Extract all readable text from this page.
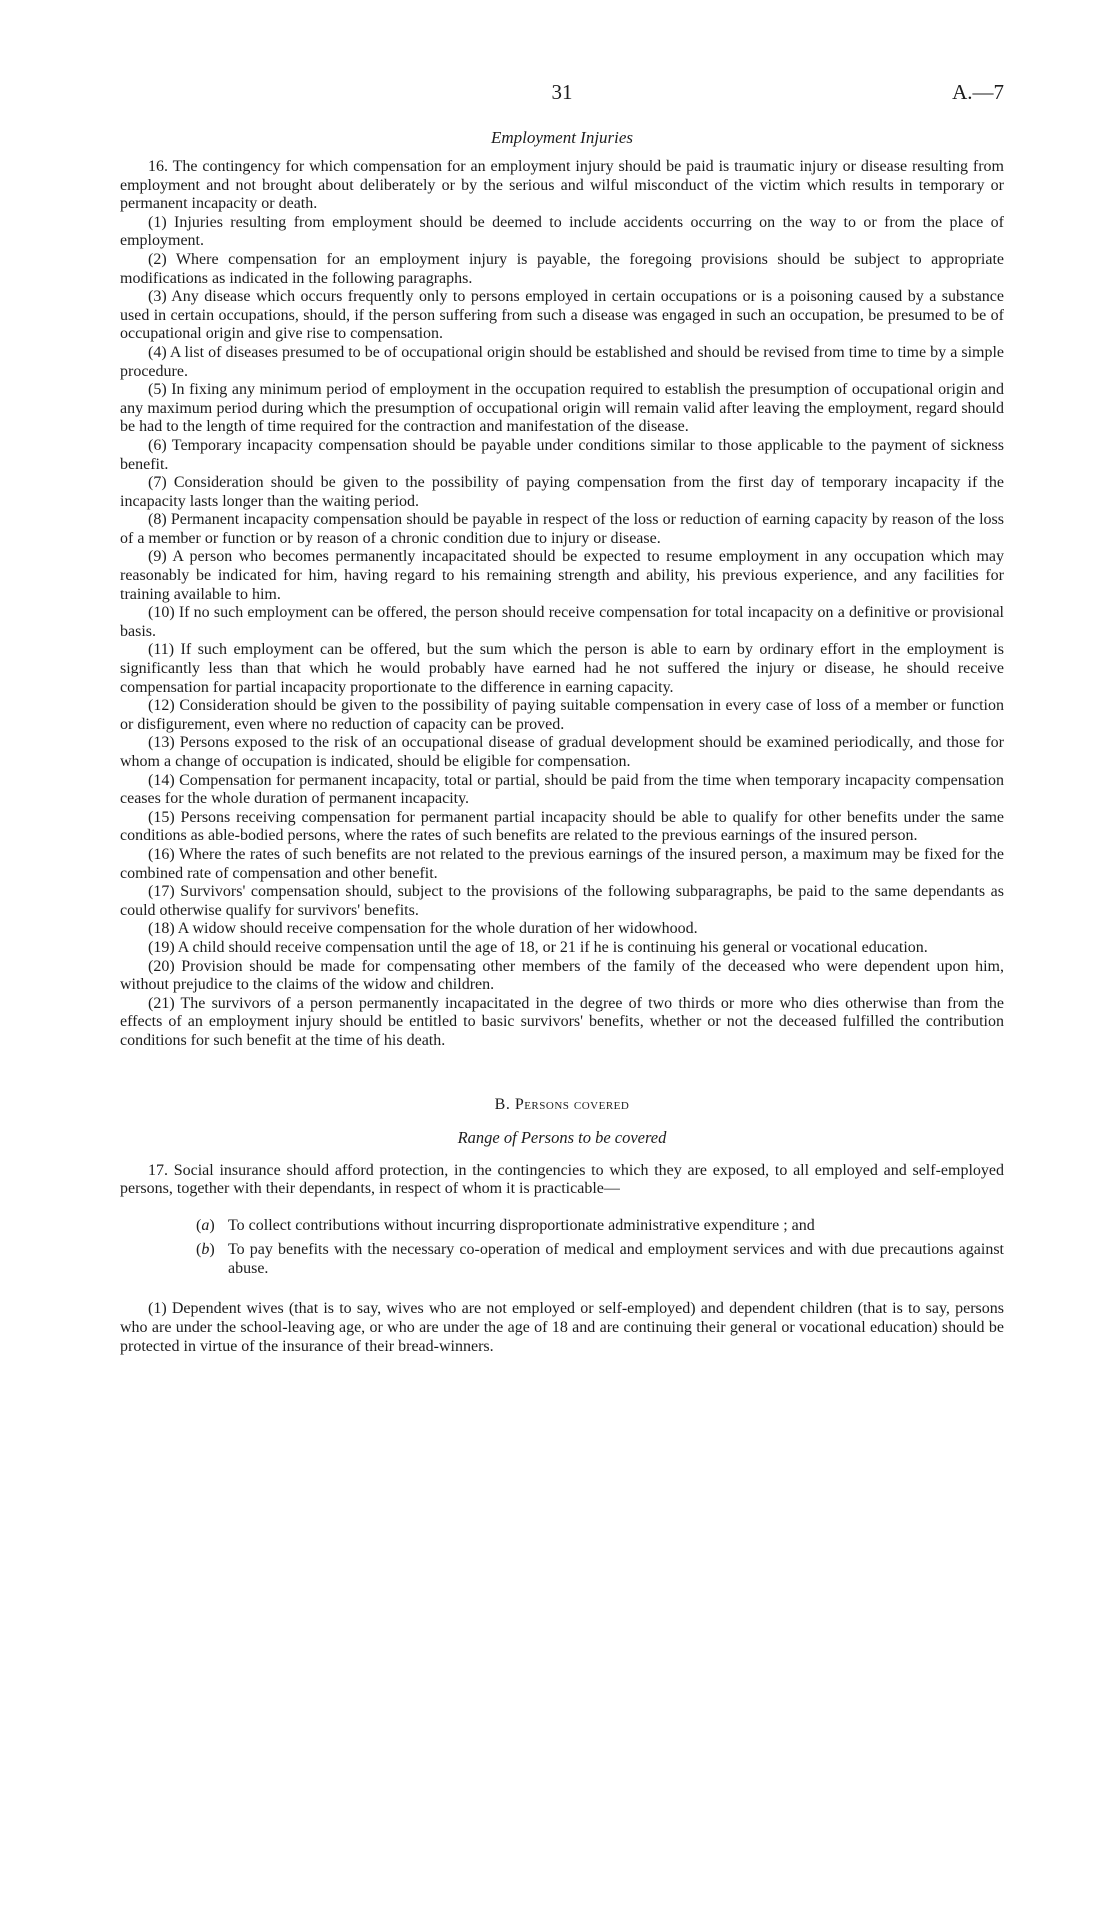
31	A.—7
Employment Injuries

16. The contingency for which compensation for an employment injury should be paid is traumatic injury or disease resulting from employment and not brought about deliberately or by the serious and wilful misconduct of the victim which results in temporary or permanent incapacity or death.

(1) Injuries resulting from employment should be deemed to include accidents occurring on the way to or from the place of employment.

(2) Where compensation for an employment injury is payable, the foregoing provisions should be subject to appropriate modifications as indicated in the following paragraphs.

(3) Any disease which occurs frequently only to persons employed in certain occupations or is a poisoning caused by a substance used in certain occupations, should, if the person suffering from such a disease was engaged in such an occupation, be presumed to be of occupational origin and give rise to compensation.

(4) A list of diseases presumed to be of occupational origin should be established and should be revised from time to time by a simple procedure.

(5) In fixing any minimum period of employment in the occupation required to establish the presumption of occupational origin and any maximum period during which the presumption of occupational origin will remain valid after leaving the employment, regard should be had to the length of time required for the contraction and manifestation of the disease.

(6) Temporary incapacity compensation should be payable under conditions similar to those applicable to the payment of sickness benefit.

(7) Consideration should be given to the possibility of paying compensation from the first day of temporary incapacity if the incapacity lasts longer than the waiting period.

(8) Permanent incapacity compensation should be payable in respect of the loss or reduction of earning capacity by reason of the loss of a member or function or by reason of a chronic condition due to injury or disease.

(9) A person who becomes permanently incapacitated should be expected to resume employment in any occupation which may reasonably be indicated for him, having regard to his remaining strength and ability, his previous experience, and any facilities for training available to him.

(10) If no such employment can be offered, the person should receive compensation for total incapacity on a definitive or provisional basis.

(11) If such employment can be offered, but the sum which the person is able to earn by ordinary effort in the employment is significantly less than that which he would probably have earned had he not suffered the injury or disease, he should receive compensation for partial incapacity proportionate to the difference in earning capacity.

(12) Consideration should be given to the possibility of paying suitable compensation in every case of loss of a member or function or disfigurement, even where no reduction of capacity can be proved.

(13) Persons exposed to the risk of an occupational disease of gradual development should be examined periodically, and those for whom a change of occupation is indicated, should be eligible for compensation.

(14) Compensation for permanent incapacity, total or partial, should be paid from the time when temporary incapacity compensation ceases for the whole duration of permanent incapacity.

(15) Persons receiving compensation for permanent partial incapacity should be able to qualify for other benefits under the same conditions as able-bodied persons, where the rates of such benefits are related to the previous earnings of the insured person.

(16) Where the rates of such benefits are not related to the previous earnings of the insured person, a maximum may be fixed for the combined rate of compensation and other benefit.

(17) Survivors' compensation should, subject to the provisions of the following subparagraphs, be paid to the same dependants as could otherwise qualify for survivors' benefits.

(18) A widow should receive compensation for the whole duration of her widowhood.

(19) A child should receive compensation until the age of 18, or 21 if he is continuing his general or vocational education.

(20) Provision should be made for compensating other members of the family of the deceased who were dependent upon him, without prejudice to the claims of the widow and children.

(21) The survivors of a person permanently incapacitated in the degree of two thirds or more who dies otherwise than from the effects of an employment injury should be entitled to basic survivors' benefits, whether or not the deceased fulfilled the contribution conditions for such benefit at the time of his death.

B. Persons covered
Range of Persons to be covered

17. Social insurance should afford protection, in the contingencies to which they are exposed, to all employed and self-employed persons, together with their dependants, in respect of whom it is practicable—

(a) To collect contributions without incurring disproportionate administrative expenditure ; and
(b) To pay benefits with the necessary co-operation of medical and employment services and with due precautions against abuse.

(1) Dependent wives (that is to say, wives who are not employed or self-employed) and dependent children (that is to say, persons who are under the school-leaving age, or who are under the age of 18 and are continuing their general or vocational education) should be protected in virtue of the insurance of their bread-winners.
